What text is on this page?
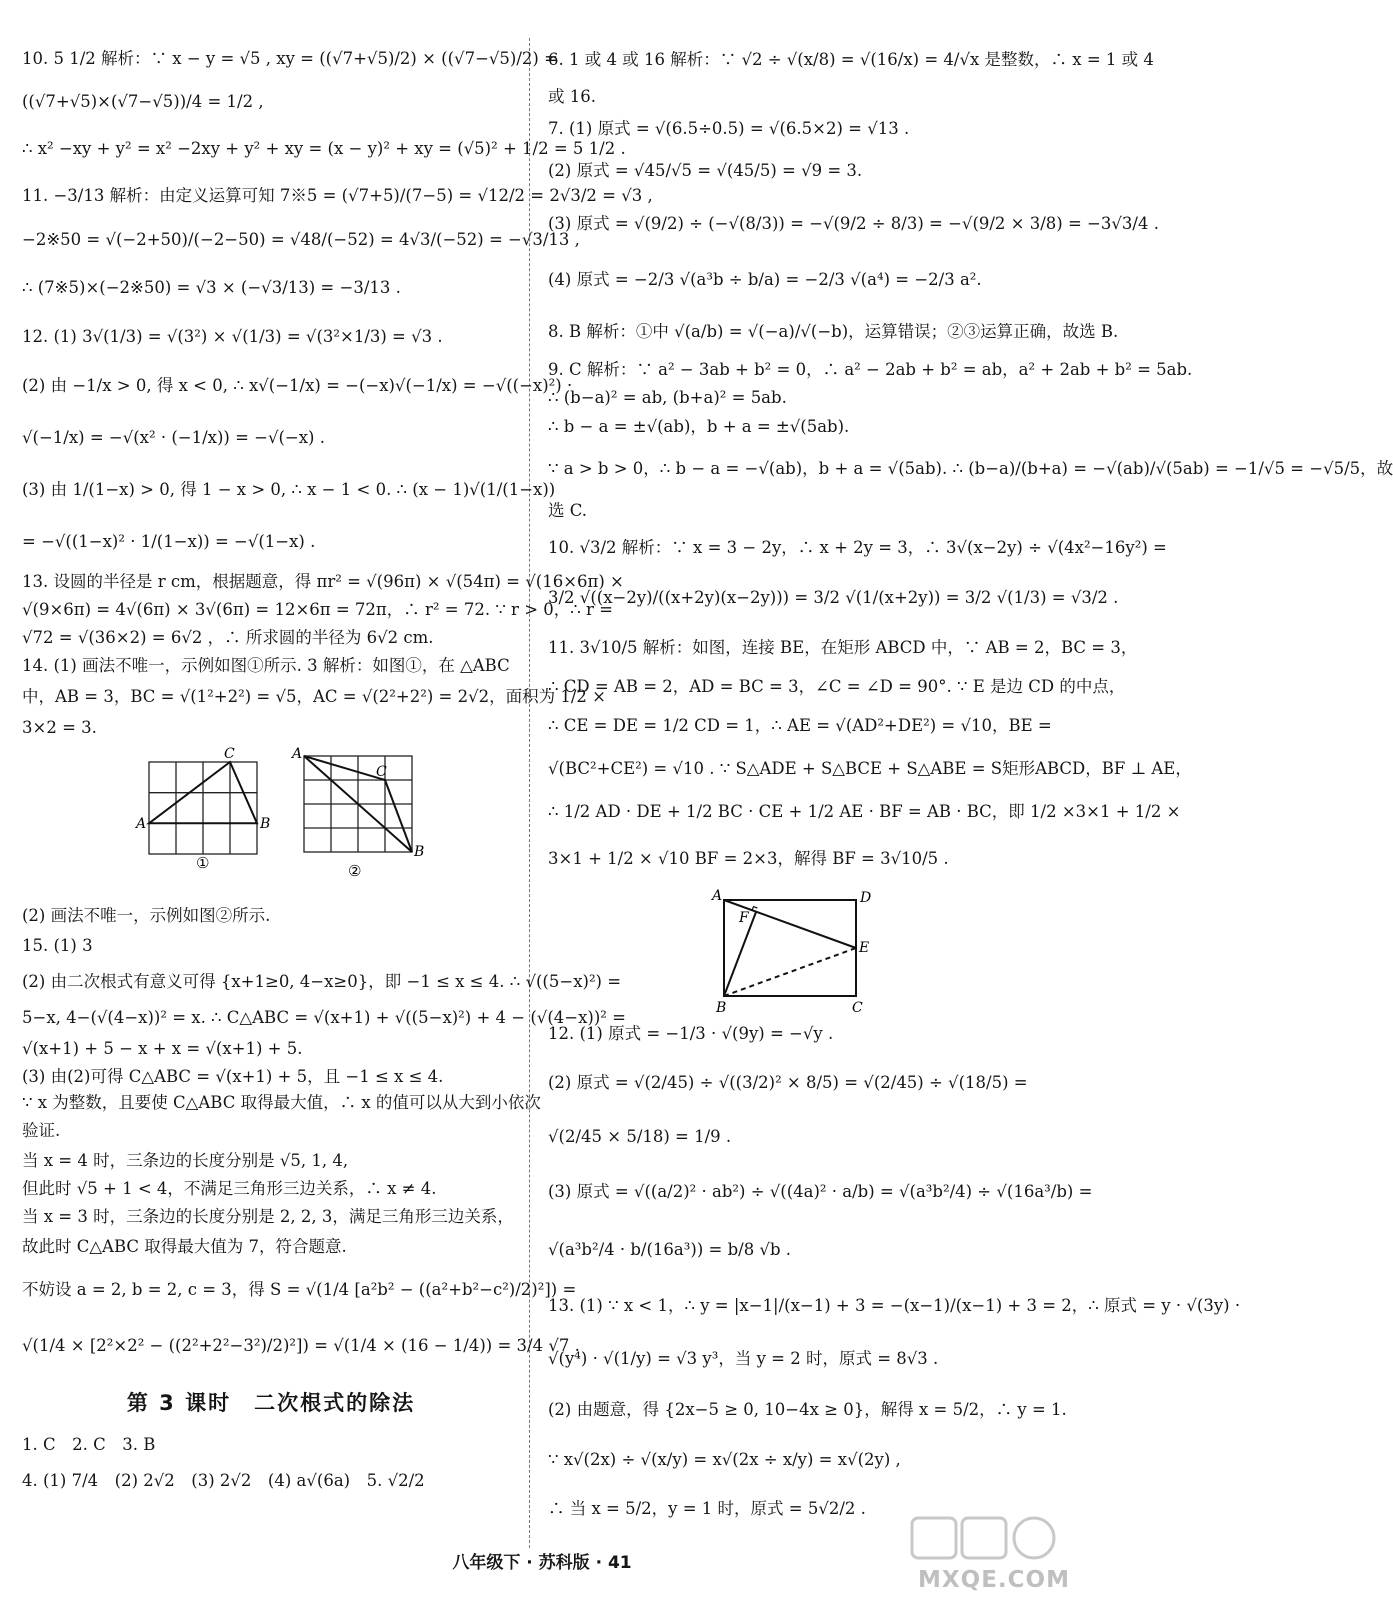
10. 5 1/2 解析：∵ x − y = √5 , xy = ((√7+√5)/2) × ((√7−√5)/2) =
((√7+√5)×(√7−√5))/4 = 1/2 ,
∴ x² −xy + y² = x² −2xy + y² + xy = (x − y)² + xy = (√5)² + 1/2 = 5 1/2 .
11. −3/13 解析：由定义运算可知 7※5 = (√7+5)/(7−5) = √12/2 = 2√3/2 = √3 ,
−2※50 = √(−2+50)/(−2−50) = √48/(−52) = 4√3/(−52) = −√3/13 ,
∴ (7※5)×(−2※50) = √3 × (−√3/13) = −3/13 .
12. (1) 3√(1/3) = √(3²) × √(1/3) = √(3²×1/3) = √3 .
(2) 由 −1/x > 0, 得 x < 0, ∴ x√(−1/x) = −(−x)√(−1/x) = −√((−x)²) ·
√(−1/x) = −√(x² · (−1/x)) = −√(−x) .
(3) 由 1/(1−x) > 0, 得 1 − x > 0, ∴ x − 1 < 0. ∴ (x − 1)√(1/(1−x))
= −√((1−x)² · 1/(1−x)) = −√(1−x) .
13. 设圆的半径是 r cm，根据题意，得 πr² = √(96π) × √(54π) = √(16×6π) ×
√(9×6π) = 4√(6π) × 3√(6π) = 12×6π = 72π，∴ r² = 72. ∵ r > 0，∴ r =
√72 = √(36×2) = 6√2 ，∴ 所求圆的半径为 6√2 cm.
14. (1) 画法不唯一，示例如图①所示. 3 解析：如图①，在 △ABC
中，AB = 3，BC = √(1²+2²) = √5，AC = √(2²+2²) = 2√2，面积为 1/2 ×
3×2 = 3.
A	B
C
①
A
B
C
②
(2) 画法不唯一，示例如图②所示.
15. (1) 3
(2) 由二次根式有意义可得 {x+1≥0, 4−x≥0}，即 −1 ≤ x ≤ 4. ∴ √((5−x)²) =
5−x, 4−(√(4−x))² = x. ∴ C△ABC = √(x+1) + √((5−x)²) + 4 − (√(4−x))² =
√(x+1) + 5 − x + x = √(x+1) + 5.
(3) 由(2)可得 C△ABC = √(x+1) + 5，且 −1 ≤ x ≤ 4.
∵ x 为整数，且要使 C△ABC 取得最大值，∴ x 的值可以从大到小依次
验证.
当 x = 4 时，三条边的长度分别是 √5, 1, 4,
但此时 √5 + 1 < 4，不满足三角形三边关系，∴ x ≠ 4.
当 x = 3 时，三条边的长度分别是 2, 2, 3，满足三角形三边关系，
故此时 C△ABC 取得最大值为 7，符合题意.
不妨设 a = 2, b = 2, c = 3，得 S = √(1/4 [a²b² − ((a²+b²−c²)/2)²]) =
√(1/4 × [2²×2² − ((2²+2²−3²)/2)²]) = √(1/4 × (16 − 1/4)) = 3/4 √7 .
第 3 课时　二次根式的除法
1. C　2. C　3. B
4. (1) 7/4　(2) 2√2　(3) 2√2　(4) a√(6a)　5. √2/2
6. 1 或 4 或 16 解析：∵ √2 ÷ √(x/8) = √(16/x) = 4/√x 是整数，∴ x = 1 或 4
或 16.
7. (1) 原式 = √(6.5÷0.5) = √(6.5×2) = √13 .
(2) 原式 = √45/√5 = √(45/5) = √9 = 3.
(3) 原式 = √(9/2) ÷ (−√(8/3)) = −√(9/2 ÷ 8/3) = −√(9/2 × 3/8) = −3√3/4 .
(4) 原式 = −2/3 √(a³b ÷ b/a) = −2/3 √(a⁴) = −2/3 a².
8. B 解析：①中 √(a/b) = √(−a)/√(−b)，运算错误；②③运算正确，故选 B.
9. C 解析：∵ a² − 3ab + b² = 0，∴ a² − 2ab + b² = ab，a² + 2ab + b² = 5ab.
∴ (b−a)² = ab, (b+a)² = 5ab.
∴ b − a = ±√(ab)，b + a = ±√(5ab).
∵ a > b > 0，∴ b − a = −√(ab)，b + a = √(5ab). ∴ (b−a)/(b+a) = −√(ab)/√(5ab) = −1/√5 = −√5/5，故
选 C.
10. √3/2 解析：∵ x = 3 − 2y，∴ x + 2y = 3，∴ 3√(x−2y) ÷ √(4x²−16y²) =
3/2 √((x−2y)/((x+2y)(x−2y))) = 3/2 √(1/(x+2y)) = 3/2 √(1/3) = √3/2 .
11. 3√10/5 解析：如图，连接 BE，在矩形 ABCD 中，∵ AB = 2，BC = 3，
∴ CD = AB = 2，AD = BC = 3，∠C = ∠D = 90°. ∵ E 是边 CD 的中点，
∴ CE = DE = 1/2 CD = 1，∴ AE = √(AD²+DE²) = √10，BE =
√(BC²+CE²) = √10 . ∵ S△ADE + S△BCE + S△ABE = S矩形ABCD，BF ⊥ AE，
∴ 1/2 AD · DE + 1/2 BC · CE + 1/2 AE · BF = AB · BC，即 1/2 ×3×1 + 1/2 ×
3×1 + 1/2 × √10 BF = 2×3，解得 BF = 3√10/5 .
A	D
E
F
B	C
12. (1) 原式 = −1/3 · √(9y) = −√y .
(2) 原式 = √(2/45) ÷ √((3/2)² × 8/5) = √(2/45) ÷ √(18/5) =
√(2/45 × 5/18) = 1/9 .
(3) 原式 = √((a/2)² · ab²) ÷ √((4a)² · a/b) = √(a³b²/4) ÷ √(16a³/b) =
√(a³b²/4 · b/(16a³)) = b/8 √b .
13. (1) ∵ x < 1，∴ y = |x−1|/(x−1) + 3 = −(x−1)/(x−1) + 3 = 2，∴ 原式 = y · √(3y) ·
√(y⁴) · √(1/y) = √3 y³，当 y = 2 时，原式 = 8√3 .
(2) 由题意，得 {2x−5 ≥ 0, 10−4x ≥ 0}，解得 x = 5/2，∴ y = 1.
∵ x√(2x) ÷ √(x/y) = x√(2x ÷ x/y) = x√(2y) ,
∴ 当 x = 5/2，y = 1 时，原式 = 5√2/2 .
八年级下 · 苏科版 · 41
MXQE.COM
